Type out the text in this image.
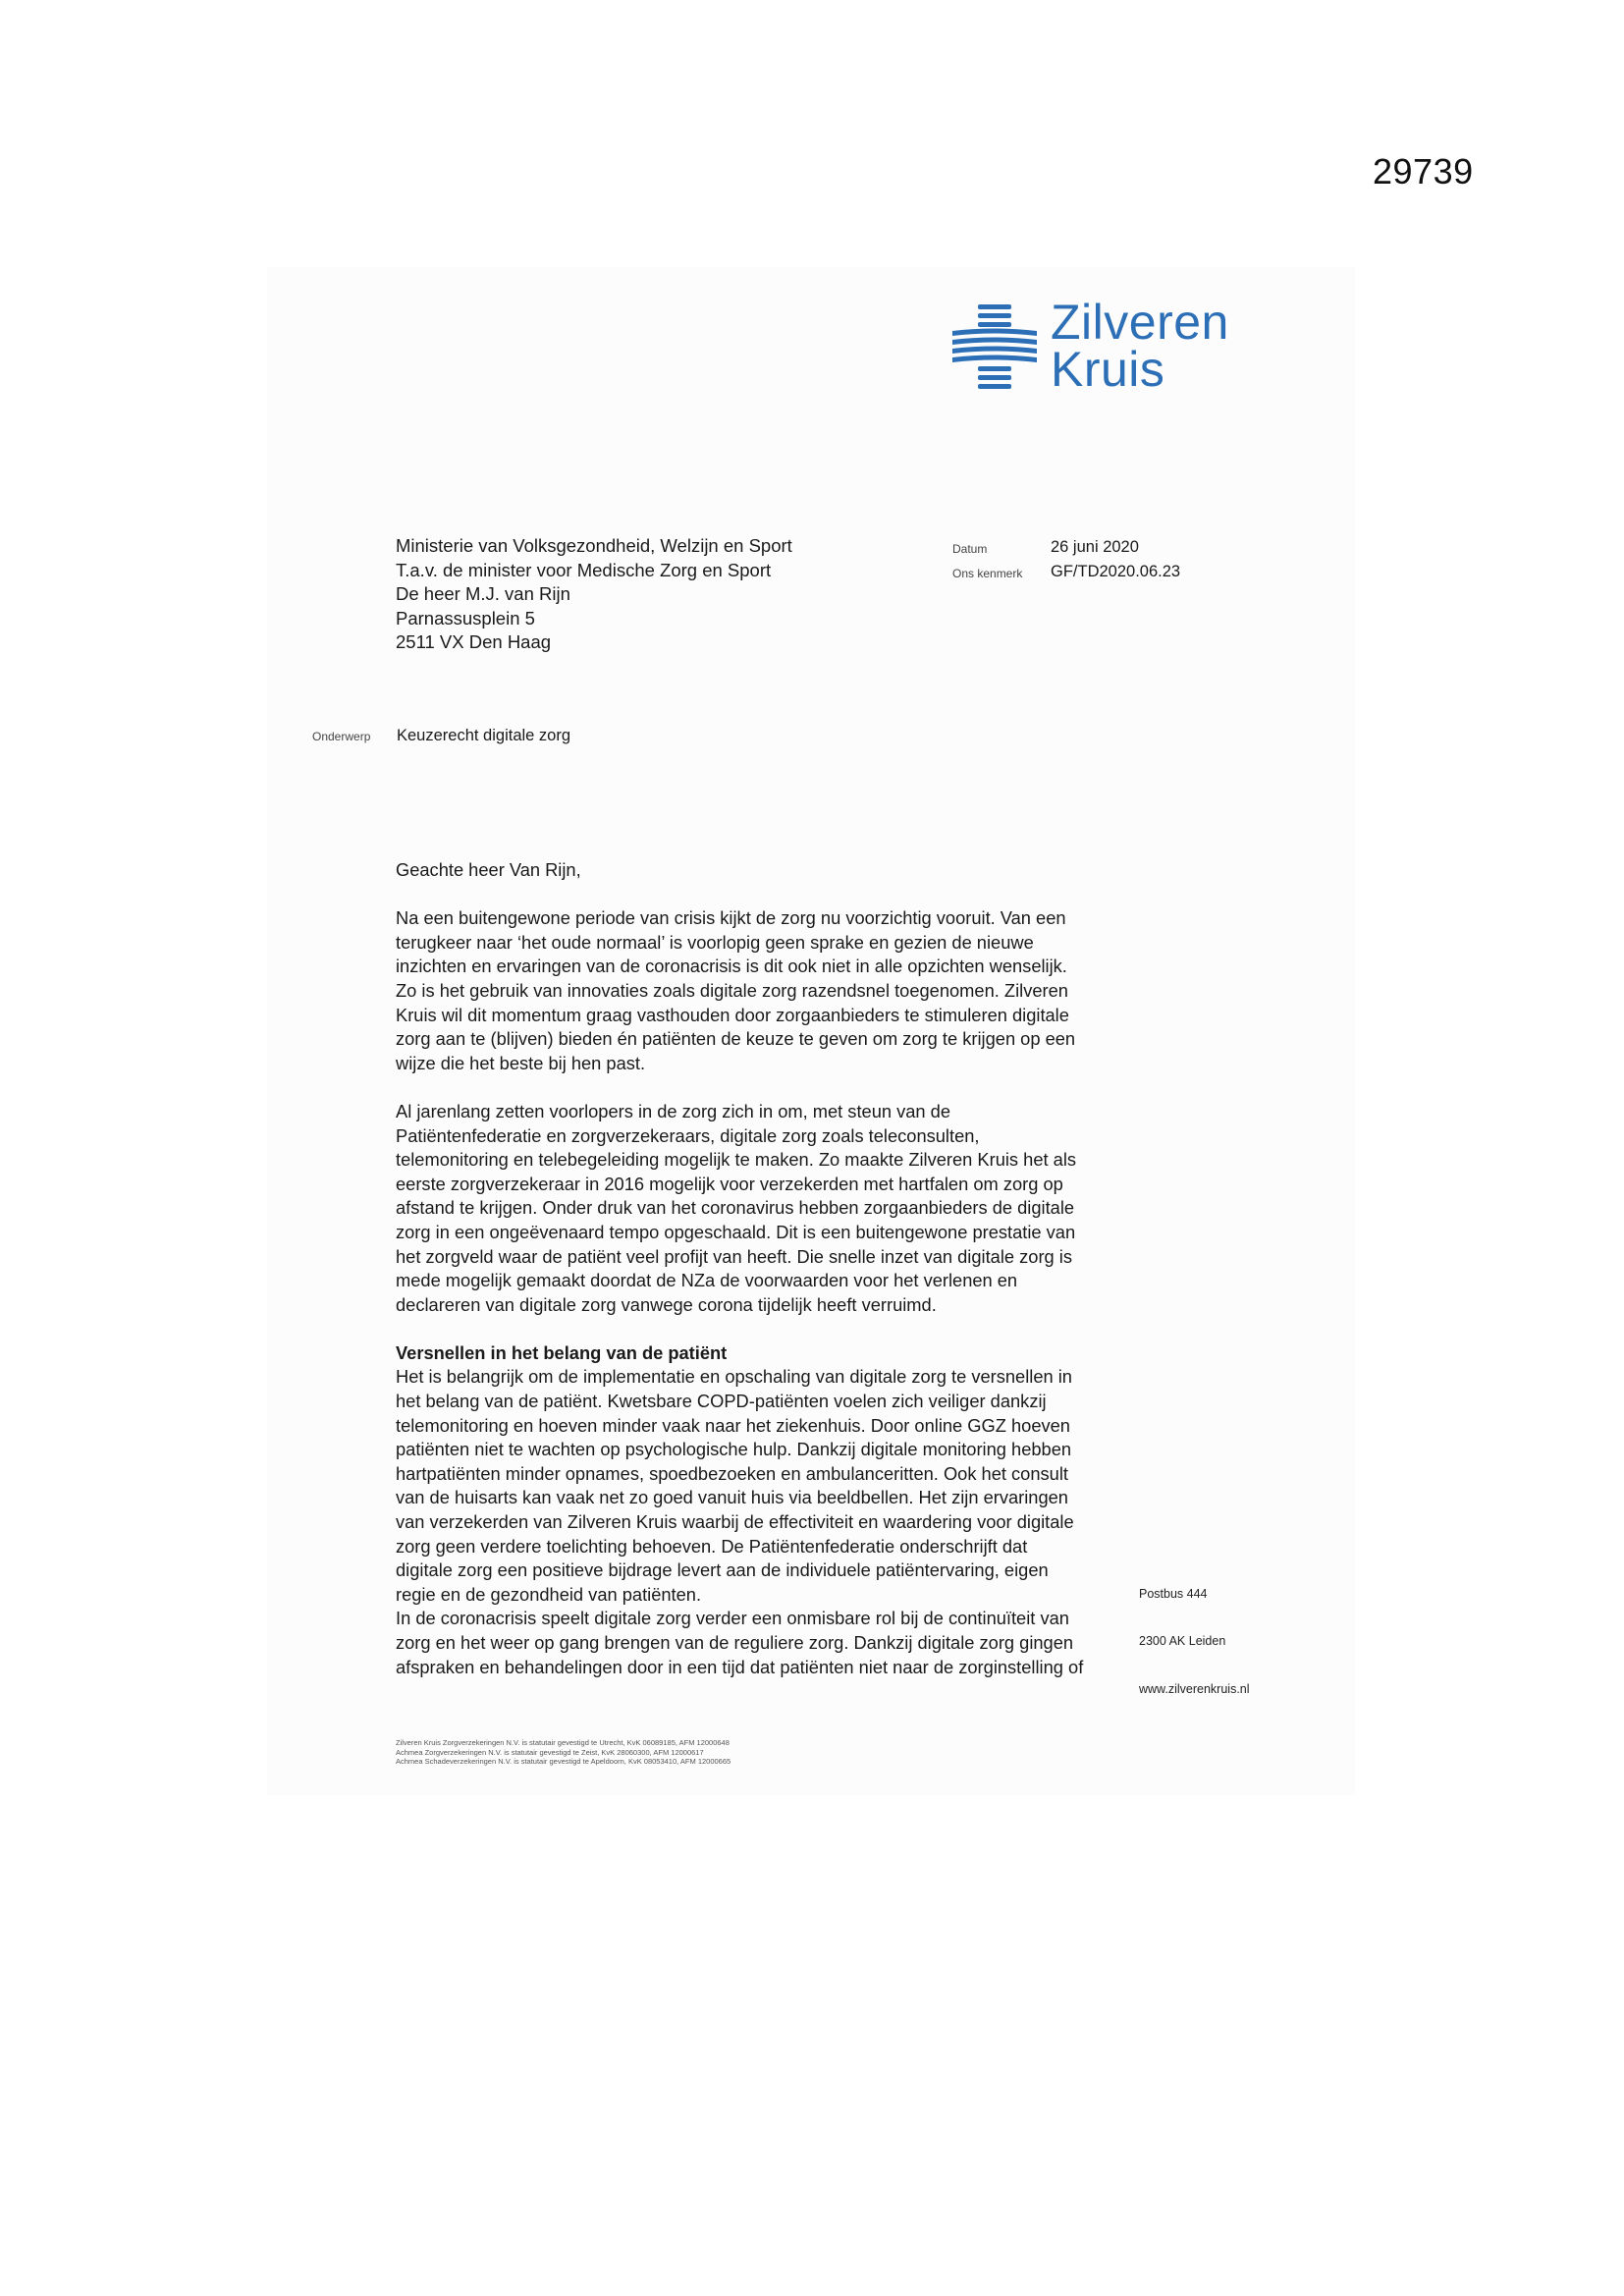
29739
Zilveren
Kruis
Ministerie van Volksgezondheid, Welzijn en Sport
T.a.v. de minister voor Medische Zorg en Sport
De heer M.J. van Rijn
Parnassusplein 5
2511 VX Den Haag
Datum	26 juni 2020
Ons kenmerk GF/TD2020.06.23
Onderwerp Keuzerecht digitale zorg

Geachte heer Van Rijn,

Na een buitengewone periode van crisis kijkt de zorg nu voorzichtig vooruit. Van een

terugkeer naar ‘het oude normaal’ is voorlopig geen sprake en gezien de nieuwe

inzichten en ervaringen van de coronacrisis is dit ook niet in alle opzichten wenselijk.

Zo is het gebruik van innovaties zoals digitale zorg razendsnel toegenomen. Zilveren

Kruis wil dit momentum graag vasthouden door zorgaanbieders te stimuleren digitale

zorg aan te (blijven) bieden én patiënten de keuze te geven om zorg te krijgen op een

wijze die het beste bij hen past.

Al jarenlang zetten voorlopers in de zorg zich in om, met steun van de

Patiëntenfederatie en zorgverzekeraars, digitale zorg zoals teleconsulten,

telemonitoring en telebegeleiding mogelijk te maken. Zo maakte Zilveren Kruis het als

eerste zorgverzekeraar in 2016 mogelijk voor verzekerden met hartfalen om zorg op

afstand te krijgen. Onder druk van het coronavirus hebben zorgaanbieders de digitale

zorg in een ongeëvenaard tempo opgeschaald. Dit is een buitengewone prestatie van

het zorgveld waar de patiënt veel profijt van heeft. Die snelle inzet van digitale zorg is

mede mogelijk gemaakt doordat de NZa de voorwaarden voor het verlenen en

declareren van digitale zorg vanwege corona tijdelijk heeft verruimd.

Versnellen in het belang van de patiënt

Het is belangrijk om de implementatie en opschaling van digitale zorg te versnellen in

het belang van de patiënt. Kwetsbare COPD-patiënten voelen zich veiliger dankzij

telemonitoring en hoeven minder vaak naar het ziekenhuis. Door online GGZ hoeven

patiënten niet te wachten op psychologische hulp. Dankzij digitale monitoring hebben

hartpatiënten minder opnames, spoedbezoeken en ambulanceritten. Ook het consult

van de huisarts kan vaak net zo goed vanuit huis via beeldbellen. Het zijn ervaringen

van verzekerden van Zilveren Kruis waarbij de effectiviteit en waardering voor digitale

zorg geen verdere toelichting behoeven. De Patiëntenfederatie onderschrijft dat

digitale zorg een positieve bijdrage levert aan de individuele patiëntervaring, eigen

regie en de gezondheid van patiënten.

In de coronacrisis speelt digitale zorg verder een onmisbare rol bij de continuïteit van

zorg en het weer op gang brengen van de reguliere zorg. Dankzij digitale zorg gingen

afspraken en behandelingen door in een tijd dat patiënten niet naar de zorginstelling of

Postbus 444
2300 AK Leiden
www.zilverenkruis.nl
Zilveren Kruis Zorgverzekeringen N.V. is statutair gevestigd te Utrecht, KvK 06089185, AFM 12000648
Achmea Zorgverzekeringen N.V. is statutair gevestigd te Zeist, KvK 28060300, AFM 12000617
Achmea Schadeverzekeringen N.V. is statutair gevestigd te Apeldoorn, KvK 08053410, AFM 12000665
